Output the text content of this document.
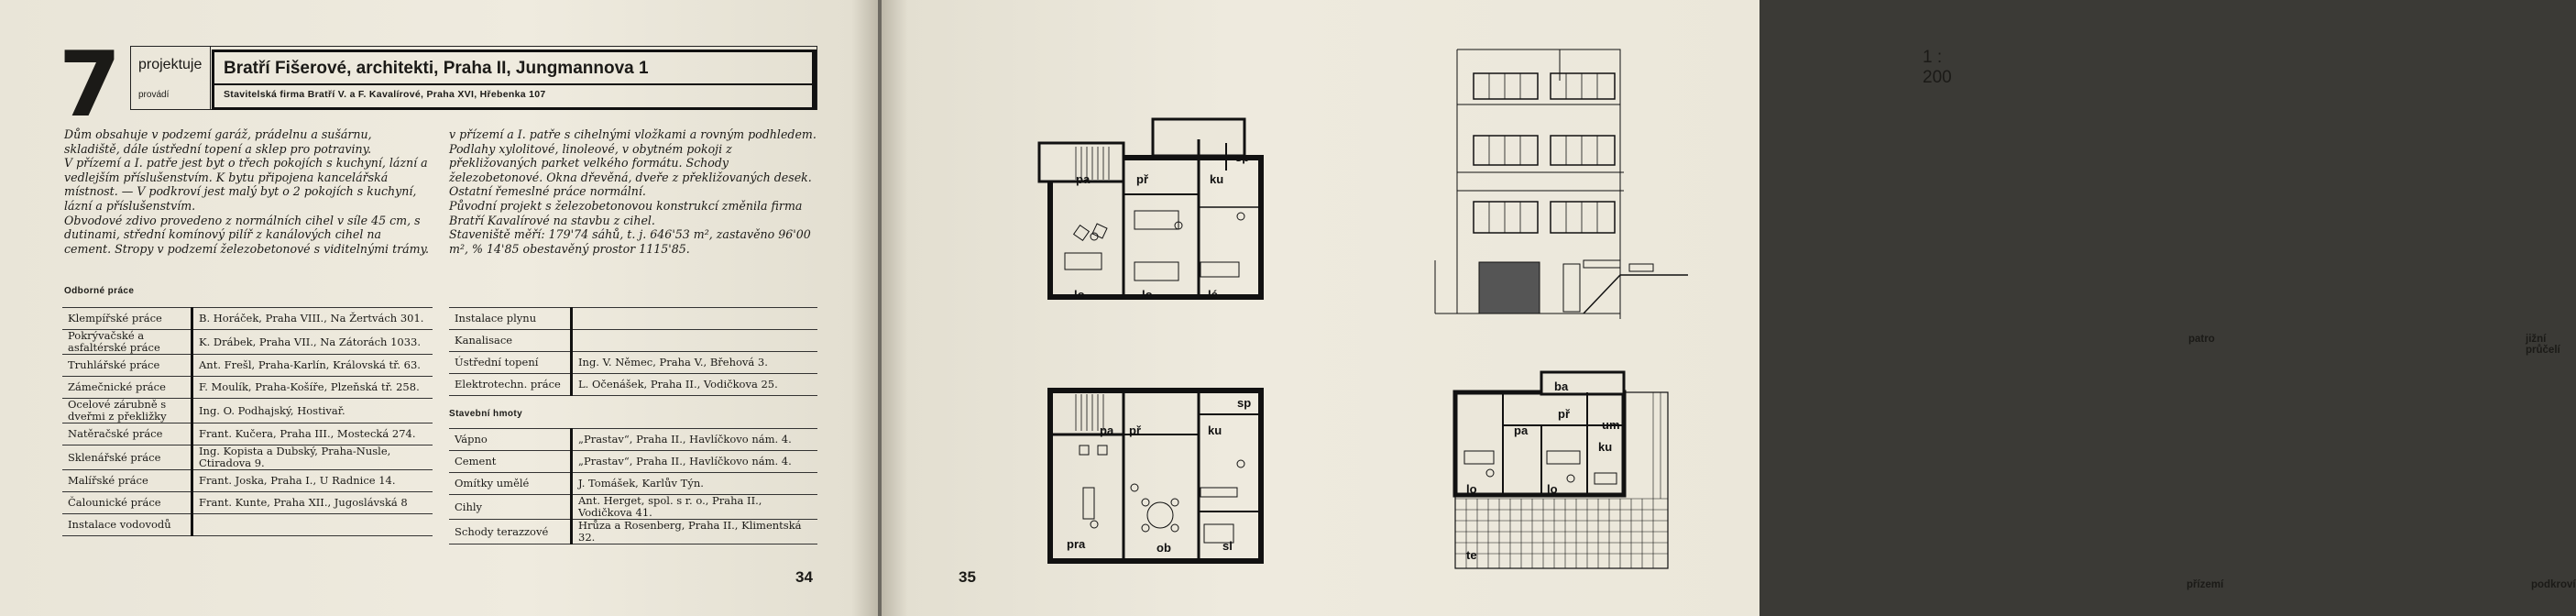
7 projektuje
provádí
Bratří Fišerové, architekti, Praha II, Jungmannova 1
Stavitelská firma Bratří V. a F. Kavalírové, Praha XVI, Hřebenka 107

Dům obsahuje v podzemí garáž, prádelnu a sušárnu, skladiště, dále ústřední topení a sklep pro potraviny.

V přízemí a I. patře jest byt o třech pokojích s kuchyní, lázní a vedlejším příslušenstvím. K bytu připojena kancelářská místnost. — V podkroví jest malý byt o 2 pokojích s kuchyní, lázní a příslušenstvím.

Obvodové zdivo provedeno z normálních cihel v síle 45 cm, s dutinami, střední komínový pilíř z kanálových cihel na cement. Stropy v podzemí železobetonové s viditelnými trámy.

v přízemí a I. patře s cihelnými vložkami a rovným podhledem. Podlahy xylolitové, linoleové, v obytném pokoji z překližovaných parket velkého formátu. Schody železobetonové. Okna dřevěná, dveře z překližovaných desek. Ostatní řemeslné práce normální.

Původní projekt s železobetonovou konstrukcí změnila firma Bratří Kavalírové na stavbu z cihel.

Staveniště měří: 179'74 sáhů, t. j. 646'53 m², zastavěno 96'00 m², % 14'85 obestavěný prostor 1115'85.

Odborné práce
Klempířské práce	B. Horáček, Praha VIII., Na Žertvách 301.
Pokrývačské a asfaltérské práce	K. Drábek, Praha VII., Na Zátorách 1033.
Truhlářské práce	Ant. Frešl, Praha-Karlín, Královská tř. 63.
Zámečnické práce	F. Moulík, Praha-Košíře, Plzeňská tř. 258.
Ocelové zárubně s dveřmi z překližky	Ing. O. Podhajský, Hostivař.
Natěračské práce	Frant. Kučera, Praha III., Mostecká 274.
Sklenářské práce	Ing. Kopista a Dubský, Praha-Nusle, Ctiradova 9.
Malířské práce	Frant. Joska, Praha I., U Radnice 14.
Čalounické práce	Frant. Kunte, Praha XII., Jugoslávská 8
Instalace vodovodů	
Instalace plynu	
Kanalisace	
Ústřední topení	Ing. V. Němec, Praha V., Břehová 3.
Elektrotechn. práce	L. Očenášek, Praha II., Vodičkova 25.
Stavební hmoty
Vápno	„Prastav“, Praha II., Havlíčkovo nám. 4.
Cement	„Prastav“, Praha II., Havlíčkovo nám. 4.
Omítky umělé	J. Tomášek, Karlův Týn.
Cihly	Ant. Herget, spol. s r. o., Praha II., Vodičkova 41.
Schody terazzové	Hrůza a Rosenberg, Praha II., Klimentská 32.
34
1 : 200
pa	př	ku
sp
lo	lo	lé
patro
pa př	ku
sp
pra	ob	sl
přízemí
jižní průčelí
ba
pa
př
um
ku
lo	lo
te
podkroví
35
